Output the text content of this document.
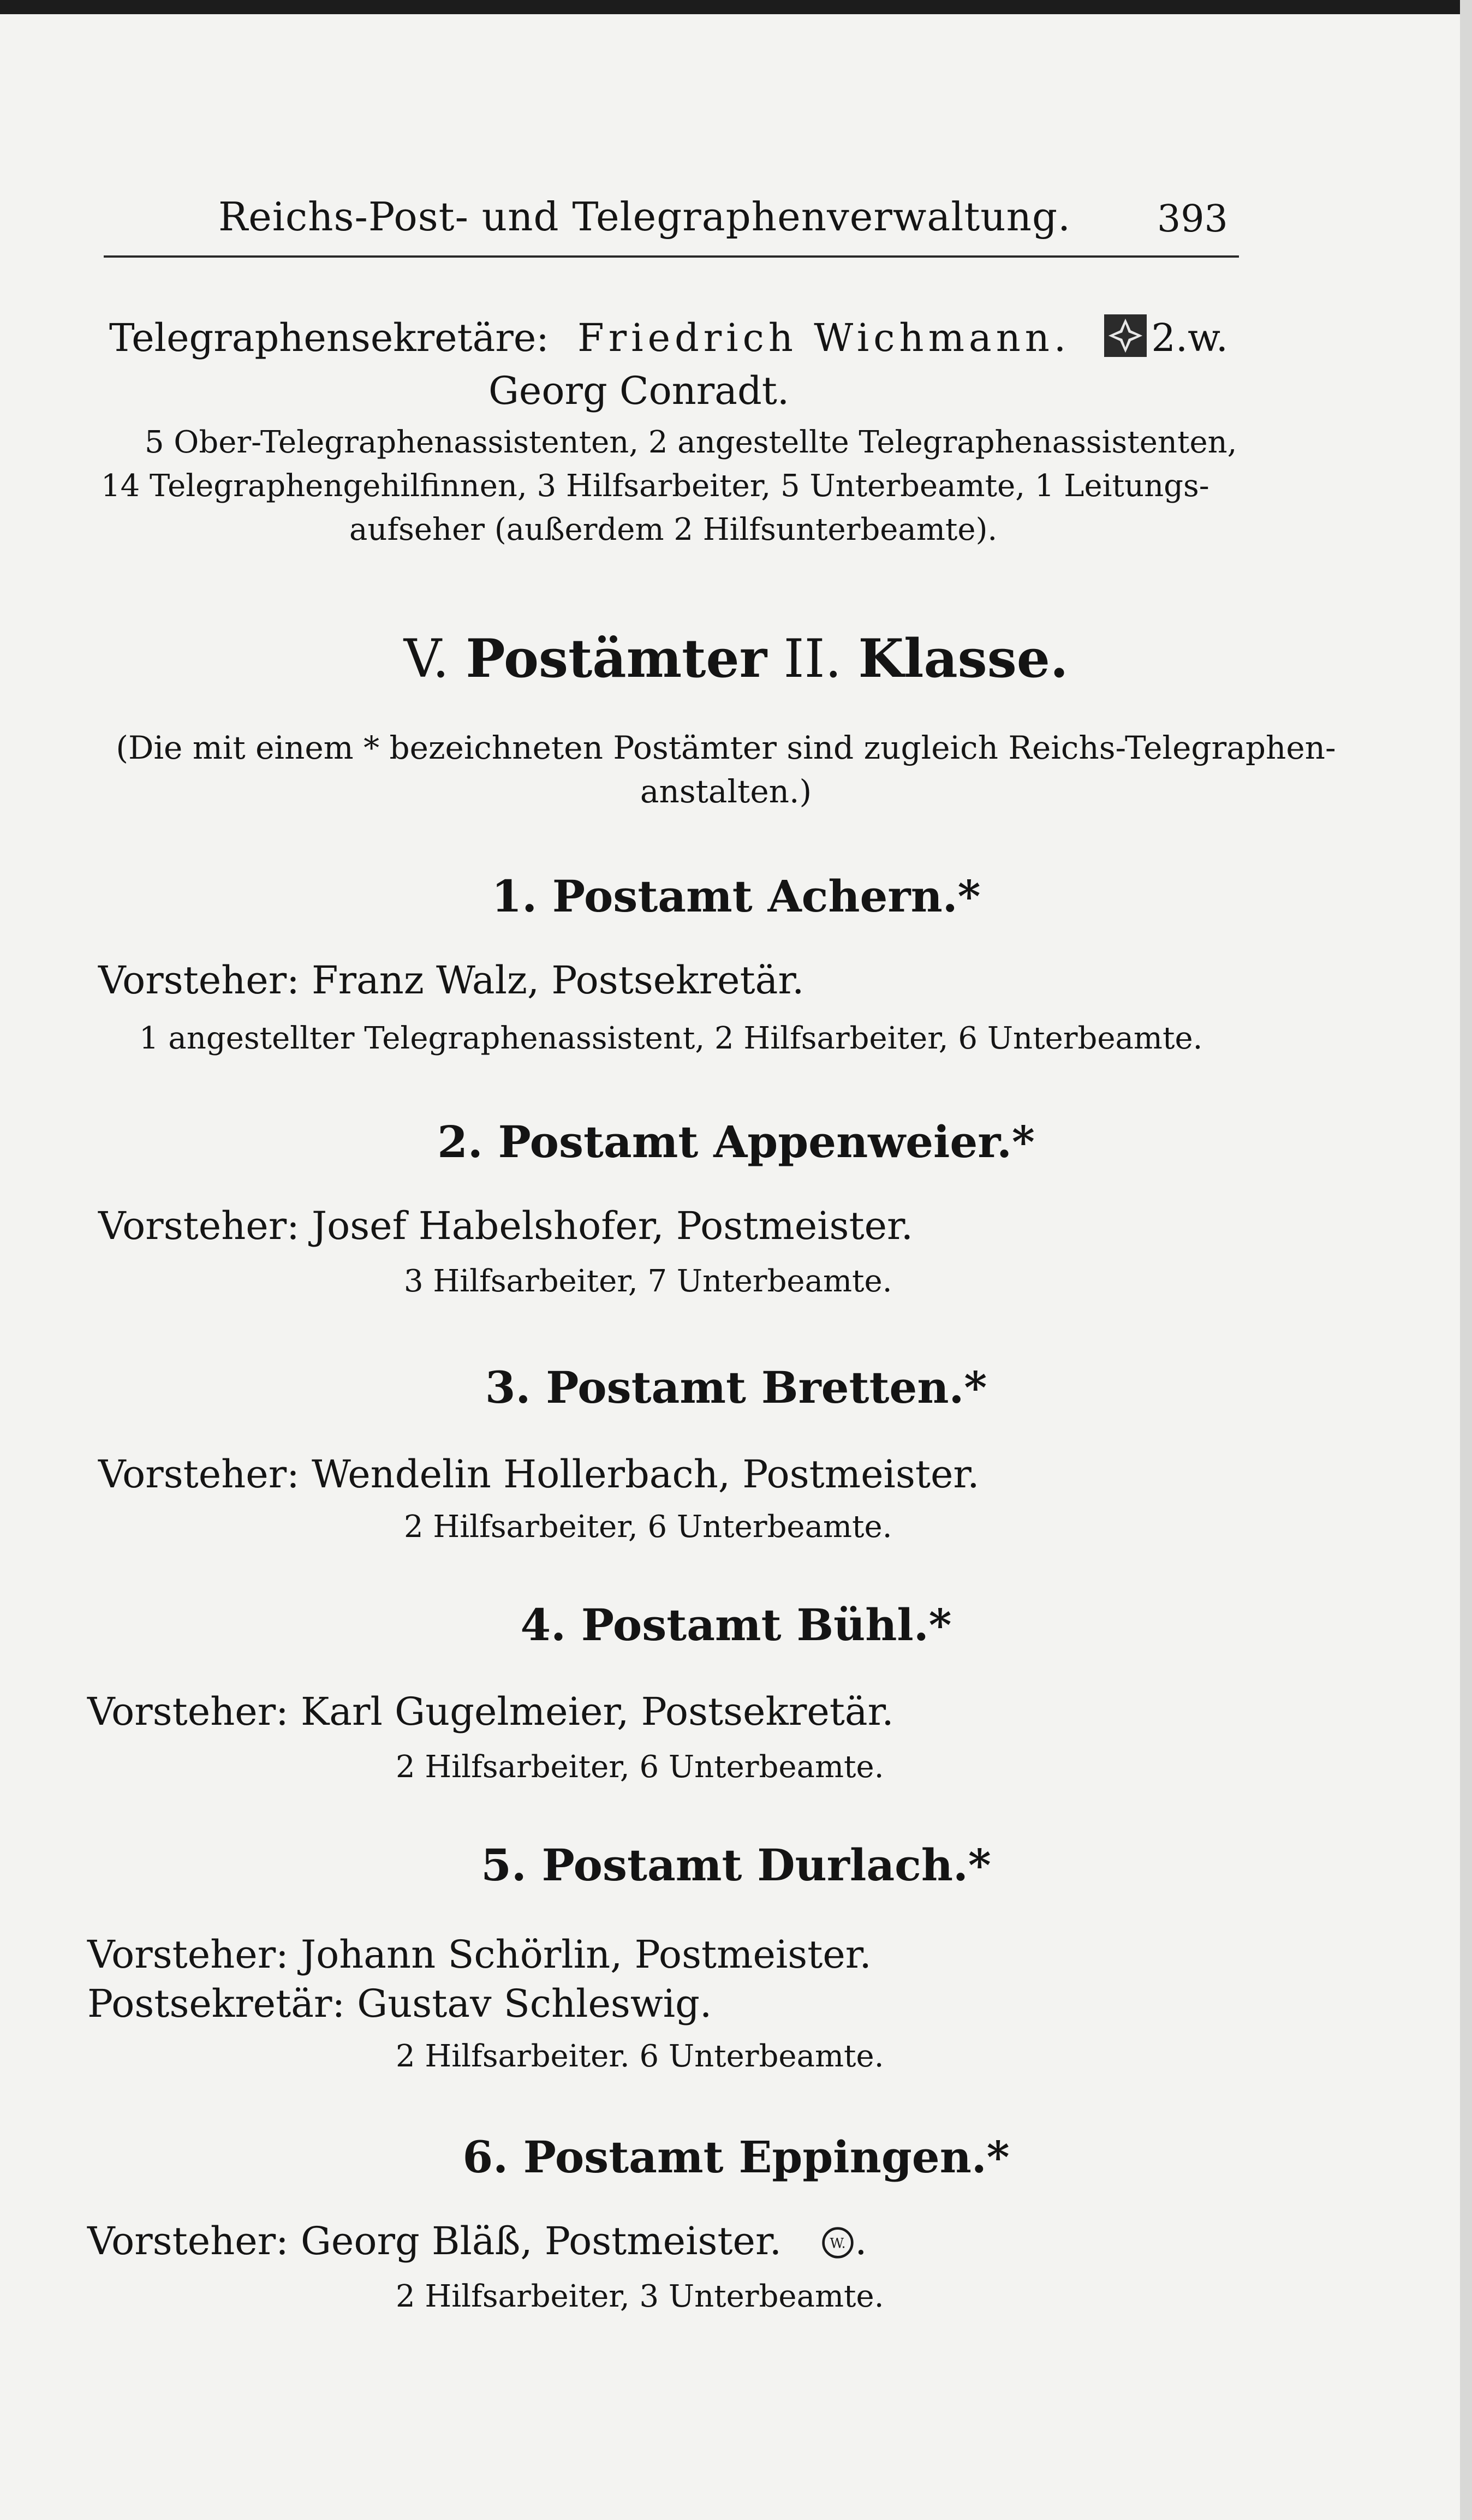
Reichs-Post- und Telegraphenverwaltung. 393
Telegraphensekretäre: Friedrich Wichmann. 2.w.
Georg Conradt.
5 Ober-Telegraphenassistenten, 2 angestellte Telegraphenassistenten,
14 Telegraphengehilfinnen, 3 Hilfsarbeiter, 5 Unterbeamte, 1 Leitungs-
aufseher (außerdem 2 Hilfsunterbeamte).
V. Postämter II. Klasse.
(Die mit einem * bezeichneten Postämter sind zugleich Reichs-Telegraphen-anstalten.)
1. Postamt Achern.*
Vorsteher: Franz Walz, Postsekretär.
1 angestellter Telegraphenassistent, 2 Hilfsarbeiter, 6 Unterbeamte.
2. Postamt Appenweier.*
Vorsteher: Josef Habelshofer, Postmeister.
3 Hilfsarbeiter, 7 Unterbeamte.
3. Postamt Bretten.*
Vorsteher: Wendelin Hollerbach, Postmeister.
2 Hilfsarbeiter, 6 Unterbeamte.
4. Postamt Bühl.*
Vorsteher: Karl Gugelmeier, Postsekretär.
2 Hilfsarbeiter, 6 Unterbeamte.
5. Postamt Durlach.*
Vorsteher: Johann Schörlin, Postmeister.
Postsekretär: Gustav Schleswig.
2 Hilfsarbeiter. 6 Unterbeamte.
6. Postamt Eppingen.*
Vorsteher: Georg Bläß, Postmeister.	W. .
2 Hilfsarbeiter, 3 Unterbeamte.
